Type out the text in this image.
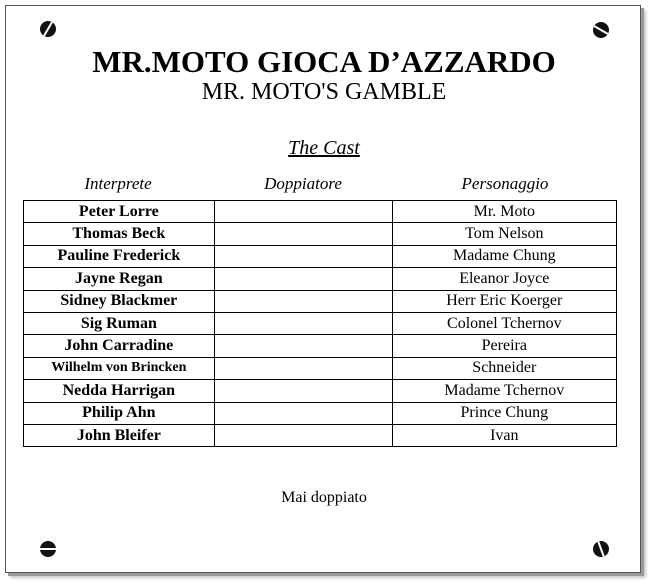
MR.MOTO GIOCA D’AZZARDO
MR. MOTO'S GAMBLE
The Cast
Interprete	Doppiatore	Personaggio
Peter Lorre		Mr. Moto
Thomas Beck		Tom Nelson
Pauline Frederick		Madame Chung
Jayne Regan		Eleanor Joyce
Sidney Blackmer		Herr Eric Koerger
Sig Ruman		Colonel Tchernov
John Carradine		Pereira
Wilhelm von Brincken		Schneider
Nedda Harrigan		Madame Tchernov
Philip Ahn		Prince Chung
John Bleifer		Ivan
Mai doppiato
